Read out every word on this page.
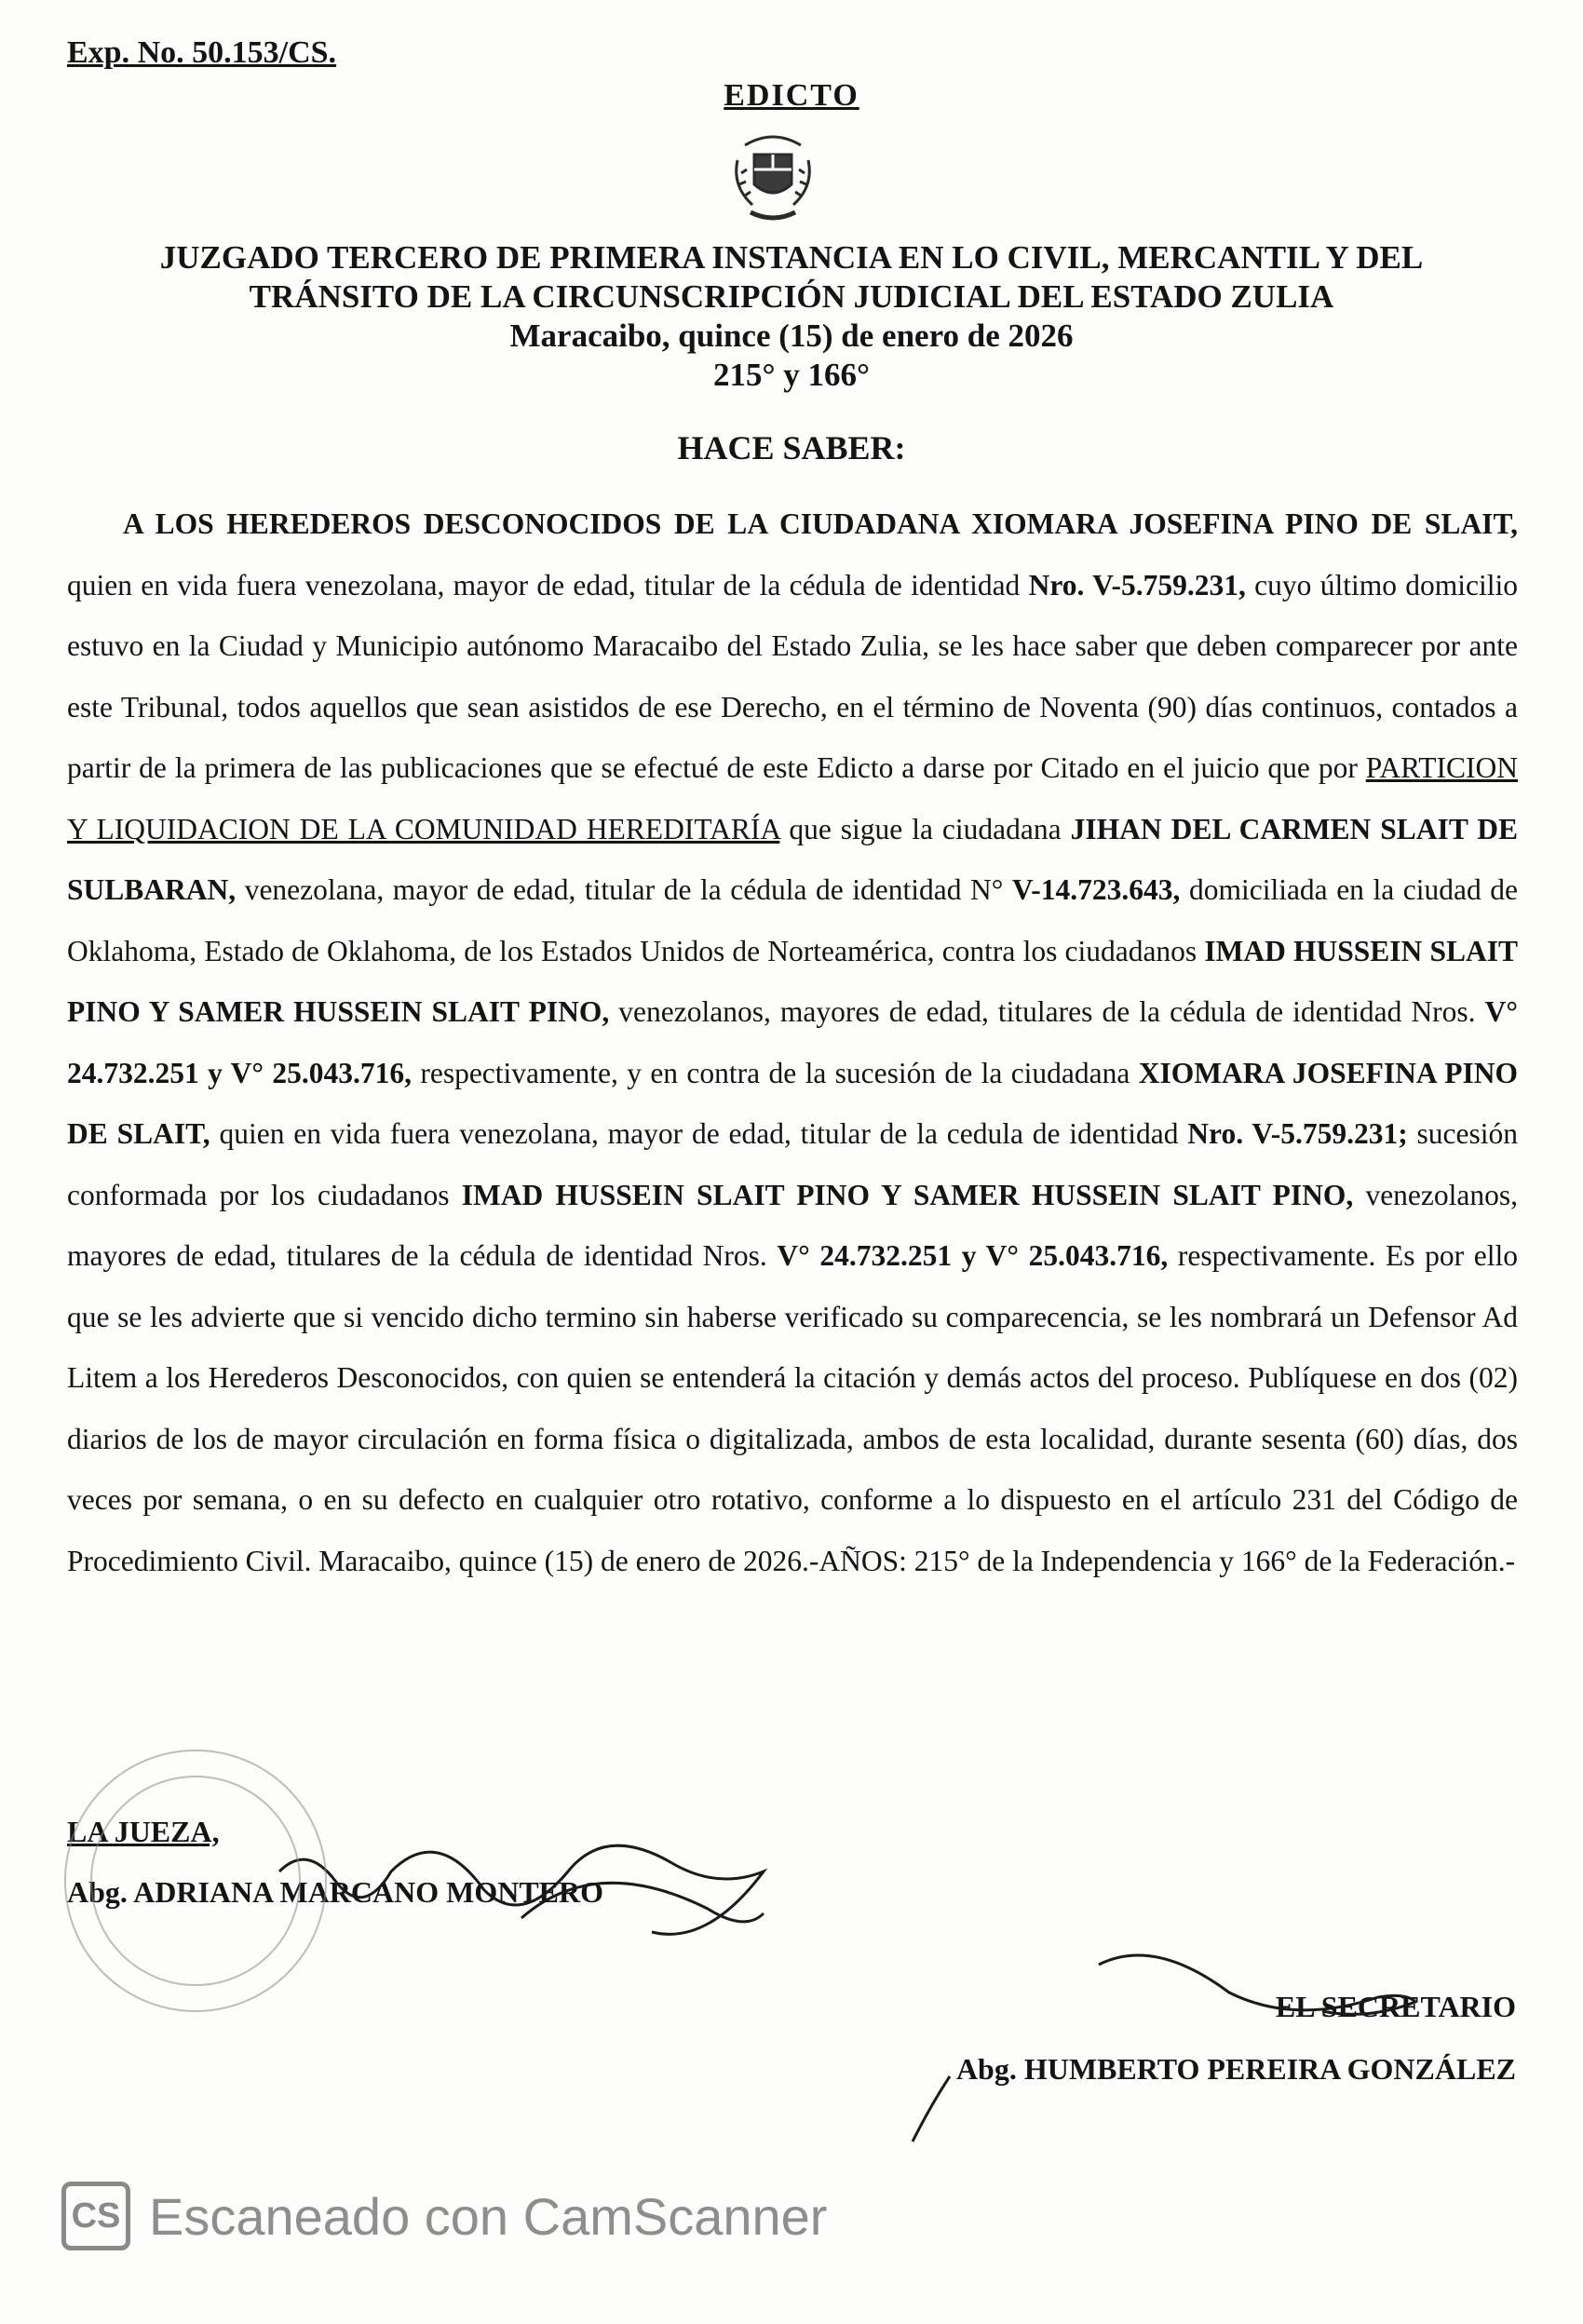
Exp. No. 50.153/CS.
EDICTO
JUZGADO TERCERO DE PRIMERA INSTANCIA EN LO CIVIL, MERCANTIL Y DEL
TRÁNSITO DE LA CIRCUNSCRIPCIÓN JUDICIAL DEL ESTADO ZULIA
Maracaibo, quince (15) de enero de 2026
215° y 166°
HACE SABER:
A LOS HEREDEROS DESCONOCIDOS DE LA CIUDADANA XIOMARA JOSEFINA PINO DE SLAIT, quien en vida fuera venezolana, mayor de edad, titular de la cédula de identidad Nro. V-5.759.231, cuyo último domicilio estuvo en la Ciudad y Municipio autónomo Maracaibo del Estado Zulia, se les hace saber que deben comparecer por ante este Tribunal, todos aquellos que sean asistidos de ese Derecho, en el término de Noventa (90) días continuos, contados a partir de la primera de las publicaciones que se efectué de este Edicto a darse por Citado en el juicio que por PARTICION Y LIQUIDACION DE LA COMUNIDAD HEREDITARÍA que sigue la ciudadana JIHAN DEL CARMEN SLAIT DE SULBARAN, venezolana, mayor de edad, titular de la cédula de identidad N° V-14.723.643, domiciliada en la ciudad de Oklahoma, Estado de Oklahoma, de los Estados Unidos de Norteamérica, contra los ciudadanos IMAD HUSSEIN SLAIT PINO Y SAMER HUSSEIN SLAIT PINO, venezolanos, mayores de edad, titulares de la cédula de identidad Nros. V° 24.732.251 y V° 25.043.716, respectivamente, y en contra de la sucesión de la ciudadana XIOMARA JOSEFINA PINO DE SLAIT, quien en vida fuera venezolana, mayor de edad, titular de la cedula de identidad Nro. V-5.759.231; sucesión conformada por los ciudadanos IMAD HUSSEIN SLAIT PINO Y SAMER HUSSEIN SLAIT PINO, venezolanos, mayores de edad, titulares de la cédula de identidad Nros. V° 24.732.251 y V° 25.043.716, respectivamente. Es por ello que se les advierte que si vencido dicho termino sin haberse verificado su comparecencia, se les nombrará un Defensor Ad Litem a los Herederos Desconocidos, con quien se entenderá la citación y demás actos del proceso. Publíquese en dos (02) diarios de los de mayor circulación en forma física o digitalizada, ambos de esta localidad, durante sesenta (60) días, dos veces por semana, o en su defecto en cualquier otro rotativo, conforme a lo dispuesto en el artículo 231 del Código de Procedimiento Civil. Maracaibo, quince (15) de enero de 2026.-AÑOS: 215° de la Independencia y 166° de la Federación.-
LA JUEZA,
Abg. ADRIANA MARCANO MONTERO
EL SECRETARIO
Abg. HUMBERTO PEREIRA GONZÁLEZ
CS Escaneado con CamScanner
